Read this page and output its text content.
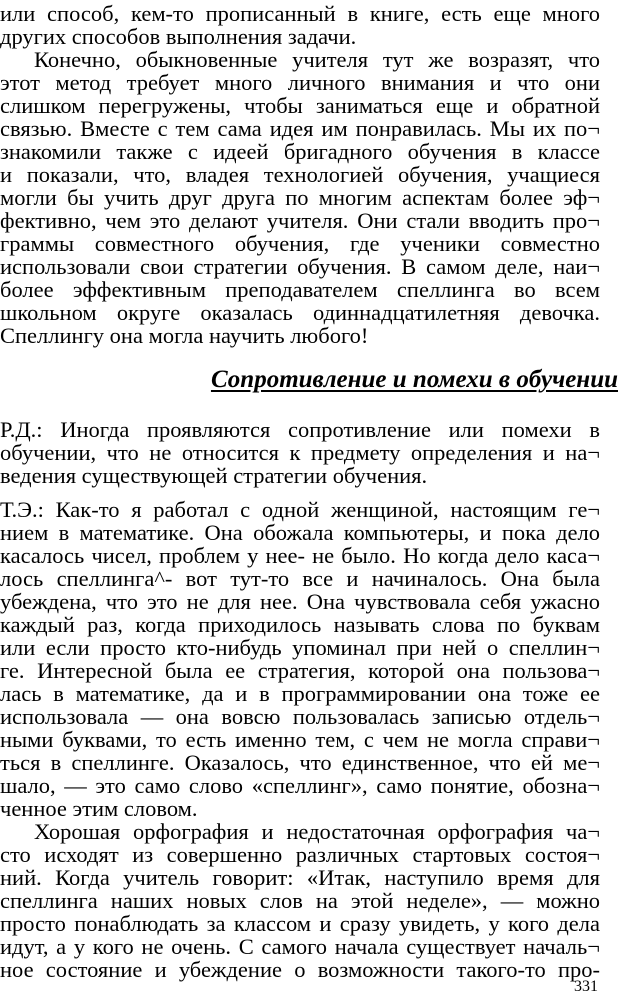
или способ, кем-то прописанный в книге, есть еще много
других способов выполнения задачи.
Конечно, обыкновенные учителя тут же возразят, что
этот метод требует много личного внимания и что они
слишком перегружены, чтобы заниматься еще и обратной
связью. Вместе с тем сама идея им понравилась. Мы их по¬
знакомили также с идеей бригадного обучения в классе
и показали, что, владея технологией обучения, учащиеся
могли бы учить друг друга по многим аспектам более эф¬
фективно, чем это делают учителя. Они стали вводить про¬
граммы совместного обучения, где ученики совместно
использовали свои стратегии обучения. В самом деле, наи¬
более эффективным преподавателем спеллинга во всем
школьном округе оказалась одиннадцатилетняя девочка.
Спеллингу она могла научить любого!
Сопротивление и помехи в обучении
Р.Д.: Иногда проявляются сопротивление или помехи в
обучении, что не относится к предмету определения и на¬
ведения существующей стратегии обучения.
Т.Э.: Как-то я работал с одной женщиной, настоящим ге¬
нием в математике. Она обожала компьютеры, и пока дело
касалось чисел, проблем у нее- не было. Но когда дело каса¬
лось спеллинга^- вот тут-то все и начиналось. Она была
убеждена, что это не для нее. Она чувствовала себя ужасно
каждый раз, когда приходилось называть слова по буквам
или если просто кто-нибудь упоминал при ней о спеллин¬
ге. Интересной была ее стратегия, которой она пользова¬
лась в математике, да и в программировании она тоже ее
использовала — она вовсю пользовалась записью отдель¬
ными буквами, то есть именно тем, с чем не могла справи¬
ться в спеллинге. Оказалось, что единственное, что ей ме¬
шало, — это само слово «спеллинг», само понятие, обозна¬
ченное этим словом.
Хорошая орфография и недостаточная орфография ча¬
сто исходят из совершенно различных стартовых состоя¬
ний. Когда учитель говорит: «Итак, наступило время для
спеллинга наших новых слов на этой неделе», — можно
просто понаблюдать за классом и сразу увидеть, у кого дела
идут, а у кого не очень. С самого начала существует началь¬
ное состояние и убеждение о возможности такого-то про-
331
